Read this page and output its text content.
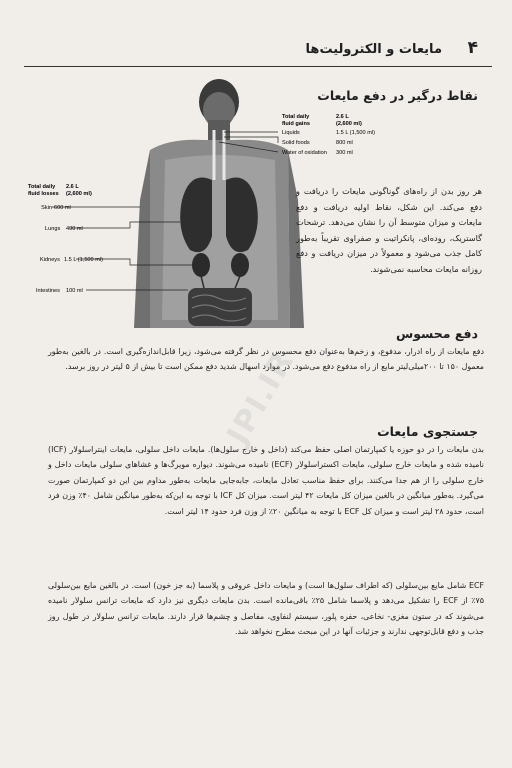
۴
مایعات و الکترولیت‌ها
نقاط درگیر در دفع مایعات
Total daily
fluid gains
2.6 L
(2,600 ml)
Liquids	1.5 L (1,500 ml)
Solid foods	800 ml
Water of oxidation 300 ml
Total daily
fluid losses
2.6 L
(2,600 ml)
Skin 600 ml
Lungs 400 ml
Kidneys 1.5 L (1,500 ml)
Intestines 100 ml
هر روز بدن از راه‌های گوناگونی مایعات را دریافت و دفع می‌کند. این شکل، نقاط اولیه دریافت و دفع مایعات و میزان متوسط آن را نشان می‌دهد. ترشحات گاستریک، روده‌ای، پانکراتیت و صفراوی تقریباً به‌طور کامل جذب می‌شود و معمولاً در میزان دریافت و دفع روزانه مایعات محاسبه نمی‌شوند.
دفع محسوس
دفع مایعات از راه ادرار، مدفوع، و زخم‌ها به‌عنوان دفع محسوس در نظر گرفته می‌شود، زیرا قابل‌اندازه‌گیری است. در بالغین به‌طور معمول ۱۵۰ تا ۲۰۰میلی‌لیتر مایع از راه مدفوع دفع می‌شود. در موارد اسهال شدید دفع ممکن است تا بیش از ۵ لیتر در روز برسد.
جستجوی مایعات
بدن مایعات را در دو حوزه یا کمپارتمان اصلی حفظ می‌کند (داخل و خارج سلول‌ها). مایعات داخل سلولی، مایعات اینتراسلولار (ICF) نامیده شده و مایعات خارج سلولی، مایعات اکستراسلولار (ECF) نامیده می‌شوند. دیواره مویرگ‌ها و غشاهای سلولی مایعات داخل و خارج سلولی را از هم جدا می‌کنند. برای حفظ مناسب تعادل مایعات، جابه‌جایی مایعات به‌طور مداوم بین این دو کمپارتمان صورت می‌گیرد. به‌طور میانگین در بالغین میزان کل مایعات ۴۲ لیتر است. میزان کل ICF با توجه به این‌که به‌طور میانگین شامل ۴۰٪ وزن فرد است، حدود ۲۸ لیتر است و میزان کل ECF با توجه به میانگین ۲۰٪ از وزن فرد حدود ۱۴ لیتر است.
ECF شامل مایع بین‌سلولی (که اطراف سلول‌ها است) و مایعات داخل عروقی و پلاسما (به جز خون) است. در بالغین مایع بین‌سلولی ۷۵٪ از ECF را تشکیل می‌دهد و پلاسما شامل ۲۵٪ باقی‌مانده است. بدن مایعات دیگری نیز دارد که مایعات ترانس سلولار نامیده می‌شوند که در ستون مغزی- نخاعی، حفره پلور، سیستم لنفاوی، مفاصل و چشم‌ها قرار دارند. مایعات ترانس سلولار در طول روز جذب و دفع قابل‌توجهی ندارند و جزئیات آنها در این مبحث مطرح نخواهد شد.
JPI.IR
